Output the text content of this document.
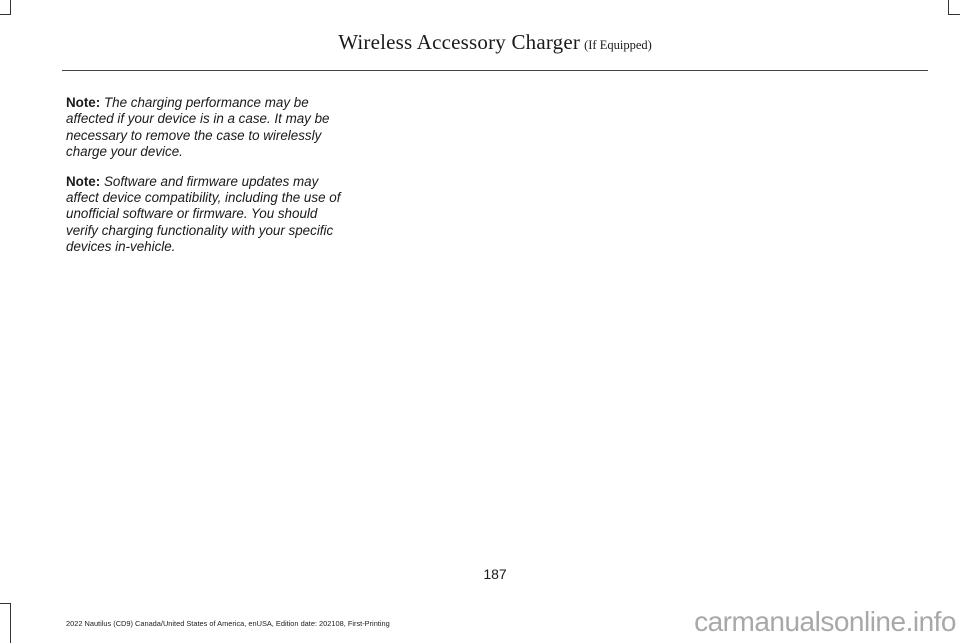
Wireless Accessory Charger (If Equipped)

Note: The charging performance may be affected if your device is in a case. It may be necessary to remove the case to wirelessly charge your device.

Note: Software and firmware updates may affect device compatibility, including the use of unofficial software or firmware. You should verify charging functionality with your specific devices in-vehicle.

187
2022 Nautilus (CD9) Canada/United States of America, enUSA, Edition date: 202108, First-Printing	carmanualsonline.info
